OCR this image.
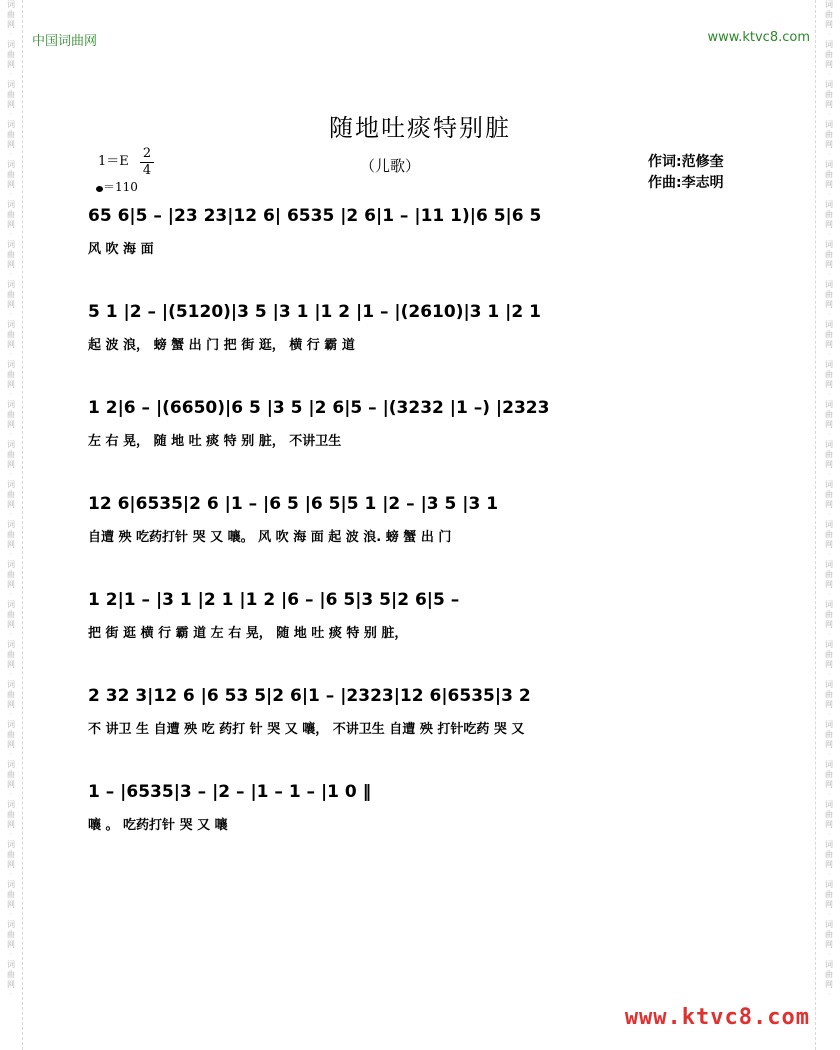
词
曲
网
·
词
曲
网
·
词
曲
网
·
词
曲
网
·
词
曲
网
·
词
曲
网
·
词
曲
网
·
词
曲
网
·
词
曲
网
·
词
曲
网
·
词
曲
网
·
词
曲
网
·
词
曲
网
·
词
曲
网
·
词
曲
网
·
词
曲
网
·
词
曲
网
·
词
曲
网
·
词
曲
网
·
词
曲
网
·
词
曲
网
·
词
曲
网
·
词
曲
网
·
词
曲
网
·
词
曲
网
·
词
曲
网
·
词
曲
网
·
词
曲
网
·
词
曲
网
·
词
曲
网
·
词
曲
网
·
词
曲
网
·
词
曲
网
·
词
曲
网
·
词
曲
网
·
词
曲
网
·
词
曲
网
·
词
曲
网
·
词
曲
网
·
词
曲
网
·
词
曲
网
·
词
曲
网
·
词
曲
网
·
词
曲
网
·
词
曲
网
·
词
曲
网
·
词
曲
网
·
词
曲
网
·
词
曲
网
·
词
曲
网
·
中国词曲网	www.ktvc8.com
随地吐痰特别脏
$1=E \frac{2}{4}$
＝110
（儿歌）	作词:范修奎
作曲:李志明
65 6|5 – |23 23|12 6| 6535 |2 6|1 – |11 1)|6 5|6 5
风 吹 海 面
5 1 |2 – |(5120)|3 5 |3 1 |1 2 |1 – |(2610)|3 1 |2 1
起 波 浪， 螃 蟹 出 门 把 街 逛， 横 行 霸 道
1 2|6 – |(6650)|6 5 |3 5 |2 6|5 – |(3232 |1 –) |2323
左 右 晃， 随 地 吐 痰 特 别 脏， 不讲卫生
12 6|6535|2 6 |1 – |6 5 |6 5|5 1 |2 – |3 5 |3 1
自遭 殃 吃药打针 哭 又 嚷。 风 吹 海 面 起 波 浪. 螃 蟹 出 门
1 2|1 – |3 1 |2 1 |1 2 |6 – |6 5|3 5|2 6|5 –
把 街 逛 横 行 霸 道 左 右 晃， 随 地 吐 痰 特 别 脏，
2 32 3|12 6 |6 53 5|2 6|1 – |2323|12 6|6535|3 2
不 讲卫 生 自遭 殃 吃 药打 针 哭 又 嚷， 不讲卫生 自遭 殃 打针吃药 哭 又
1 – |6535|3 – |2 – |1 – 1 – |1 0 ‖
嚷 。 吃药打针 哭 又 嚷
www.ktvc8.com
